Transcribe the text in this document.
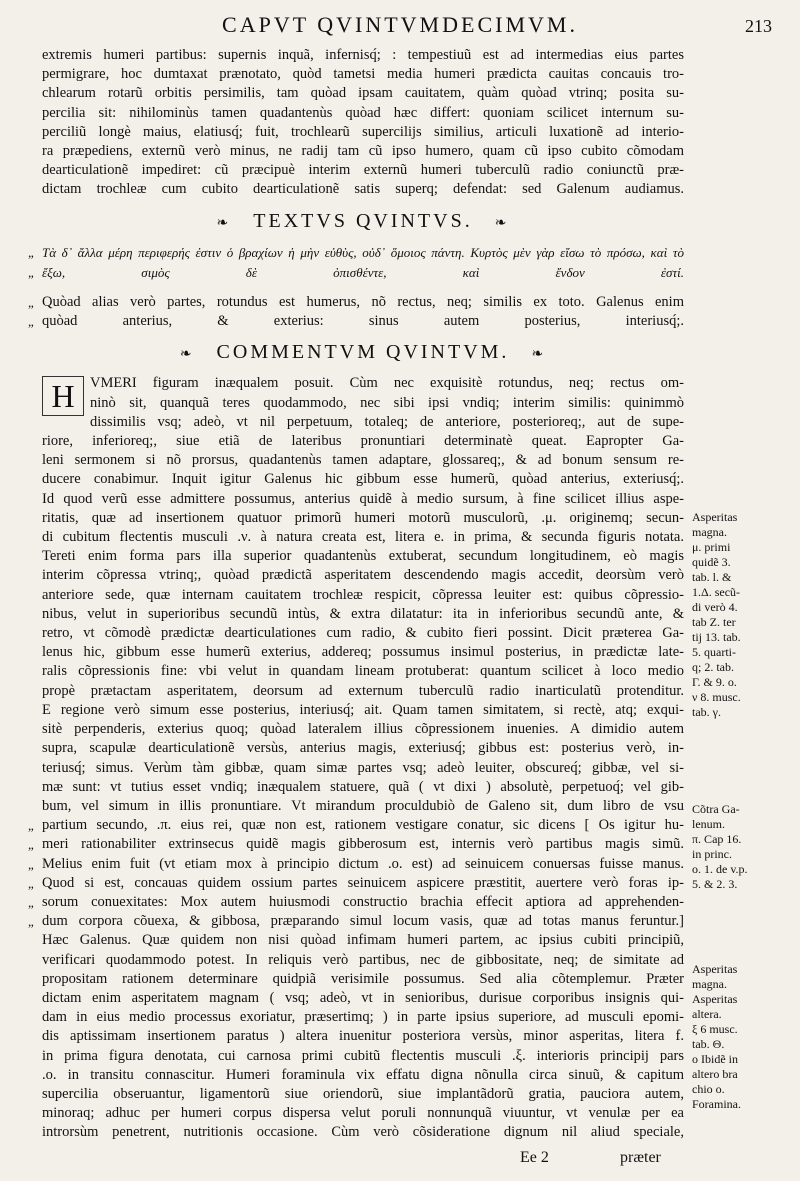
CAPVT QVINTVMDECIMVM.	213
extremis humeri partibus: supernis inquã, infernisq́; : tempestiuũ est ad intermedias eius partes
permigrare, hoc dumtaxat prænotato, quòd tametsi media humeri prædicta cauitas concauis tro-
chlearum rotarũ orbitis persimilis, tam quòad ipsam cauitatem, quàm quòad vtrinq; posita su-
percilia sit: nihilominùs tamen quadantenùs quòad hæc differt: quoniam scilicet internum su-
perciliũ longè maius, elatiusq́; fuit, trochlearũ supercilijs similius, articuli luxationẽ ad interio-
ra præpediens, externũ verò minus, ne radij tam cũ ipso humero, quam cũ ipso cubito cõmodam
dearticulationẽ impediret: cũ præcipuè interim externũ humeri tuberculũ radio coniunctũ præ-
dictam trochleæ cum cubito dearticulationẽ satis superq; defendat: sed Galenum audiamus.
❧ TEXTVS QVINTVS. ❧
„ Τὰ δ᾽ ἄλλα μέρη περιφερής ἐστιν ὁ βραχίων ἡ μὴν εὐθὺς, οὐδ᾽ ὅμοιος πάντη. Κυρτὸς μὲν γὰρ εἴσω τὸ πρόσω, καὶ τὸ
„ ἔξω, σιμὸς δὲ ὀπισθέντε, καὶ ἔνδον ἐστί.
„ Quòad alias verò partes, rotundus est humerus, nõ rectus, neq; similis ex toto. Galenus enim
„ quòad anterius, & exterius: sinus autem posterius, interiusq́;.
❧ COMMENTVM QVINTVM. ❧
H	VMERI figuram inæqualem posuit. Cùm nec exquisitè rotundus, neq; rectus om-
ninò sit, quanquã teres quodammodo, nec sibi ipsi vndiq; interim similis: quinimmò
dissimilis vsq; adeò, vt nil perpetuum, totaleq; de anteriore, posterioreq;, aut de supe-
riore, inferioreq;, siue etiã de lateribus pronuntiari determinatè queat. Eapropter Ga-
leni sermonem si nõ prorsus, quadantenùs tamen adaptare, glossareq;, & ad bonum sensum re-
ducere conabimur. Inquit igitur Galenus hic gibbum esse humerũ, quòad anterius, exteriusq́;.
Id quod verũ esse admittere possumus, anterius quidẽ à medio sursum, à fine scilicet illius aspe-
ritatis, quæ ad insertionem quatuor primorũ humeri motorũ musculorũ, .μ. originemq; secun-
di cubitum flectentis musculi .ν. à natura creata est, litera e. in prima, & secunda figuris notata.
Tereti enim forma pars illa superior quadantenùs extuberat, secundum longitudinem, eò magis
interim cõpressa vtrinq;, quòad prædictã asperitatem descendendo magis accedit, deorsùm verò
anteriore sede, quæ internam cauitatem trochleæ respicit, cõpressa leuiter est: quibus cõpressio-
nibus, velut in superioribus secundũ intùs, & extra dilatatur: ita in inferioribus secundũ ante, &
retro, vt cõmodè prædictæ dearticulationes cum radio, & cubito fieri possint. Dicit præterea Ga-
lenus hic, gibbum esse humerũ exterius, addereq; possumus insimul posterius, in prædictæ late-
ralis cõpressionis fine: vbi velut in quandam lineam protuberat: quantum scilicet à loco medio
propè prætactam asperitatem, deorsum ad externum tuberculũ radio inarticulatũ protenditur.
E regione verò simum esse posterius, interiusq́; ait. Quam tamen simitatem, si rectè, atq; exqui-
sitè perpenderis, exterius quoq; quòad lateralem illius cõpressionem inuenies. A dimidio autem
supra, scapulæ dearticulationẽ versùs, anterius magis, exteriusq́; gibbus est: posterius verò, in-
teriusq́; simus. Verùm tàm gibbæ, quam simæ partes vsq; adeò leuiter, obscureq́; gibbæ, vel si-
mæ sunt: vt tutius esset vndiq; inæqualem statuere, quã ( vt dixi ) absolutè, perpetuoq́; vel gib-
bum, vel simum in illis pronuntiare. Vt mirandum proculdubiò de Galeno sit, dum libro de vsu
„ partium secundo, .π. eius rei, quæ non est, rationem vestigare conatur, sic dicens [ Os igitur hu-
„ meri rationabiliter extrinsecus quidẽ magis gibberosum est, internis verò partibus magis simũ.
„ Melius enim fuit (vt etiam mox à principio dictum .o. est) ad seinuicem conuersas fuisse manus.
„ Quod si est, concauas quidem ossium partes seinuicem aspicere præstitit, auertere verò foras ip-
„ sorum conuexitates: Mox autem huiusmodi constructio brachia effecit aptiora ad apprehenden-
„ dum corpora cõuexa, & gibbosa, præparando simul locum vasis, quæ ad totas manus feruntur.]
Hæc Galenus. Quæ quidem non nisi quòad infimam humeri partem, ac ipsius cubiti principiũ,
verificari quodammodo potest. In reliquis verò partibus, nec de gibbositate, neq; de simitate ad
propositam rationem determinare quidpiã verisimile possumus. Sed alia cõtemplemur. Præter
dictam enim asperitatem magnam ( vsq; adeò, vt in senioribus, durisue corporibus insignis qui-
dam in eius medio processus exoriatur, præsertimq; ) in parte ipsius superiore, ad musculi epomi-
dis aptissimam insertionem paratus ) altera inuenitur posteriora versùs, minor asperitas, litera f.
in prima figura denotata, cui carnosa primi cubitũ flectentis musculi .ξ. interioris principij pars
.ο. in transitu connascitur. Humeri foraminula vix effatu digna nõnulla circa sinuũ, & capitum
supercilia obseruantur, ligamentorũ siue oriendorũ, siue implantãdorũ gratia, pauciora autem,
minoraq; adhuc per humeri corpus dispersa velut poruli nonnunquã viuuntur, vt venulæ per ea
introrsùm penetrent, nutritionis occasione. Cùm verò cõsideratione dignum nil aliud speciale,
Asperitas
magna.
μ. primi
quidẽ 3.
tab. l. &
1.Δ. secũ-
di verò 4.
tab Ζ. ter
tij 13. tab.
5. quarti-
q; 2. tab.
Γ. & 9. ο.
ν 8. musc.
tab. γ.
Cõtra Ga-
lenum.
π. Cap 16.
in princ.
ο. 1. de v.p.
5. & 2. 3.
Asperitas
magna.
Asperitas
altera.
ξ 6 musc.
tab. Θ.
ο Ibidẽ in
altero bra
chio ο.
Foramina.
Ee 2	præter
